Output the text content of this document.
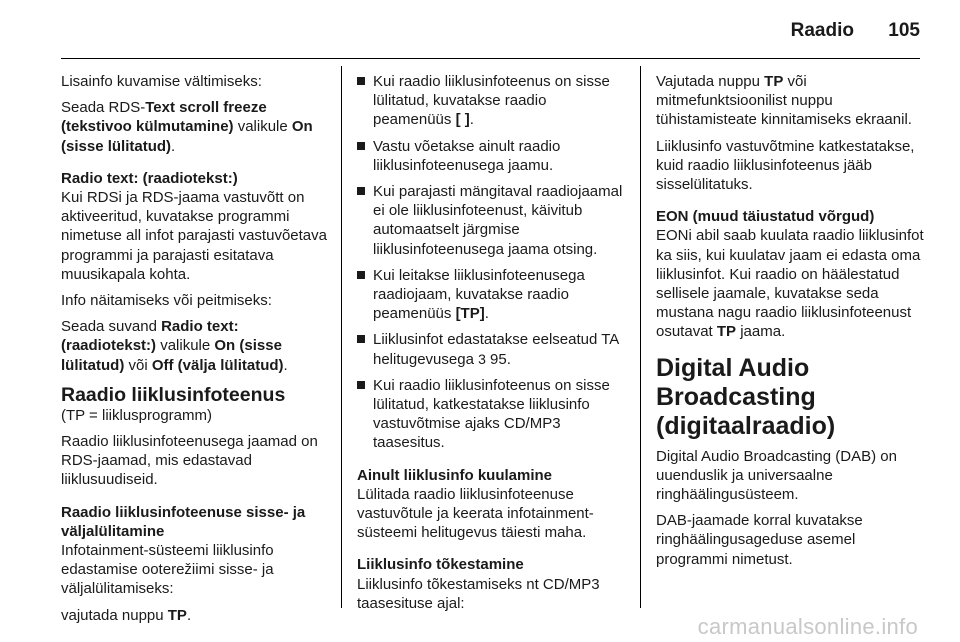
Raadio 105

Lisainfo kuvamise vältimiseks:

Seada RDS-Text scroll freeze (tekstivoo külmutamine) valikule On (sisse lülitatud).

Radio text: (raadiotekst:)

Kui RDSi ja RDS-jaama vastuvõtt on aktiveeritud, kuvatakse programmi nimetuse all infot parajasti vastuvõetava programmi ja parajasti esitatava muusikapala kohta.

Info näitamiseks või peitmiseks:

Seada suvand Radio text: (raadiotekst:) valikule On (sisse lülitatud) või Off (välja lülitatud).

Raadio liiklusinfoteenus

(TP = liiklusprogramm)

Raadio liiklusinfoteenusega jaamad on RDS-jaamad, mis edastavad liiklusuudiseid.

Raadio liiklusinfoteenuse sisse- ja väljalülitamine

Infotainment-süsteemi liiklusinfo edastamise ooterežiimi sisse- ja väljalülitamiseks:

vajutada nuppu TP.

Kui raadio liiklusinfoteenus on sisse lülitatud, kuvatakse raadio peamenüüs [ ].
Vastu võetakse ainult raadio liiklusinfoteenusega jaamu.
Kui parajasti mängitaval raadiojaamal ei ole liiklusinfoteenust, käivitub automaatselt järgmise liiklusinfoteenusega jaama otsing.
Kui leitakse liiklusinfoteenusega raadiojaam, kuvatakse raadio peamenüüs [TP].
Liiklusinfot edastatakse eelseatud TA helitugevusega 3 95.
Kui raadio liiklusinfoteenus on sisse lülitatud, katkestatakse liiklusinfo vastuvõtmise ajaks CD/MP3 taasesitus.
Ainult liiklusinfo kuulamine

Lülitada raadio liiklusinfoteenuse vastuvõtule ja keerata infotainment-süsteemi helitugevus täiesti maha.

Liiklusinfo tõkestamine

Liiklusinfo tõkestamiseks nt CD/MP3 taasesituse ajal:

Vajutada nuppu TP või mitmefunktsioonilist nuppu tühistamisteate kinnitamiseks ekraanil.

Liiklusinfo vastuvõtmine katkestatakse, kuid raadio liiklusinfoteenus jääb sisselülitatuks.

EON (muud täiustatud võrgud)

EONi abil saab kuulata raadio liiklusinfot ka siis, kui kuulatav jaam ei edasta oma liiklusinfot. Kui raadio on häälestatud sellisele jaamale, kuvatakse seda mustana nagu raadio liiklusinfoteenust osutavat TP jaama.

Digital Audio Broadcasting (digitaalraadio)

Digital Audio Broadcasting (DAB) on uuenduslik ja universaalne ringhäälingusüsteem.

DAB-jaamade korral kuvatakse ringhäälingusageduse asemel programmi nimetust.

carmanualsonline.info
